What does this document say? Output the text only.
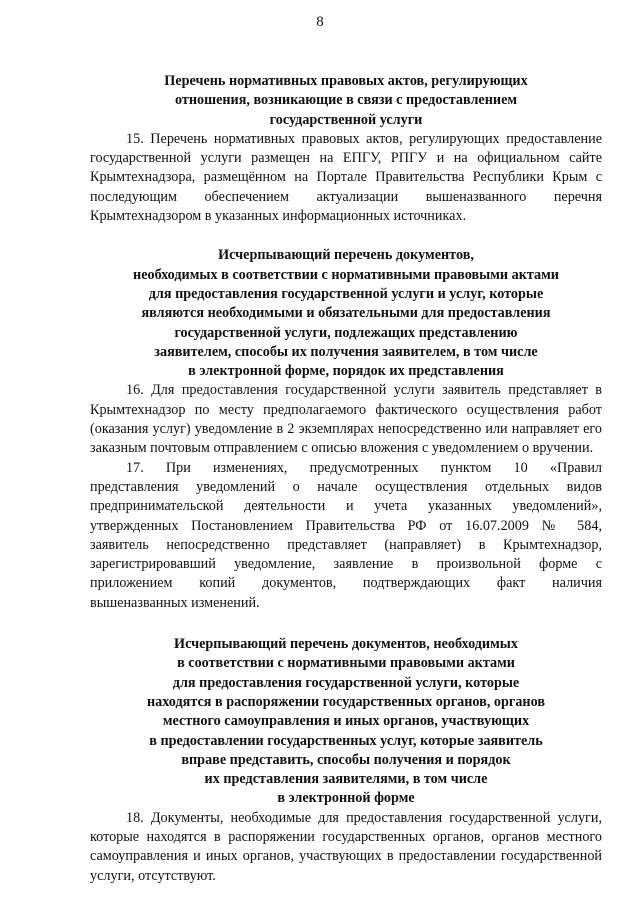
8
Перечень нормативных правовых актов, регулирующих
отношения, возникающие в связи с предоставлением
государственной услуги

15. Перечень нормативных правовых актов, регулирующих предоставление государственной услуги размещен на ЕПГУ, РПГУ и на официальном сайте Крымтехнадзора, размещённом на Портале Правительства Республики Крым с последующим обеспечением актуализации вышеназванного перечня Крымтехнадзором в указанных информационных источниках.

Исчерпывающий перечень документов,
необходимых в соответствии с нормативными правовыми актами
для предоставления государственной услуги и услуг, которые
являются необходимыми и обязательными для предоставления
государственной услуги, подлежащих представлению
заявителем, способы их получения заявителем, в том числе
в электронной форме, порядок их представления

16. Для предоставления государственной услуги заявитель представляет в Крымтехнадзор по месту предполагаемого фактического осуществления работ (оказания услуг) уведомление в 2 экземплярах непосредственно или направляет его заказным почтовым отправлением с описью вложения с уведомлением о вручении.

17. При изменениях, предусмотренных пунктом 10 «Правил
представления уведомлений о начале осуществления отдельных видов
предпринимательской деятельности и учета указанных уведомлений»,
утвержденных Постановлением Правительства РФ от 16.07.2009 № 584,
заявитель непосредственно представляет (направляет) в Крымтехнадзор,
зарегистрировавший уведомление, заявление в произвольной форме с
приложением копий документов, подтверждающих факт наличия
вышеназванных изменений.
Исчерпывающий перечень документов, необходимых
в соответствии с нормативными правовыми актами
для предоставления государственной услуги, которые
находятся в распоряжении государственных органов, органов
местного самоуправления и иных органов, участвующих
в предоставлении государственных услуг, которые заявитель
вправе представить, способы получения и порядок
их представления заявителями, в том числе
в электронной форме

18. Документы, необходимые для предоставления государственной услуги, которые находятся в распоряжении государственных органов, органов местного самоуправления и иных органов, участвующих в предоставлении государственной услуги, отсутствуют.
